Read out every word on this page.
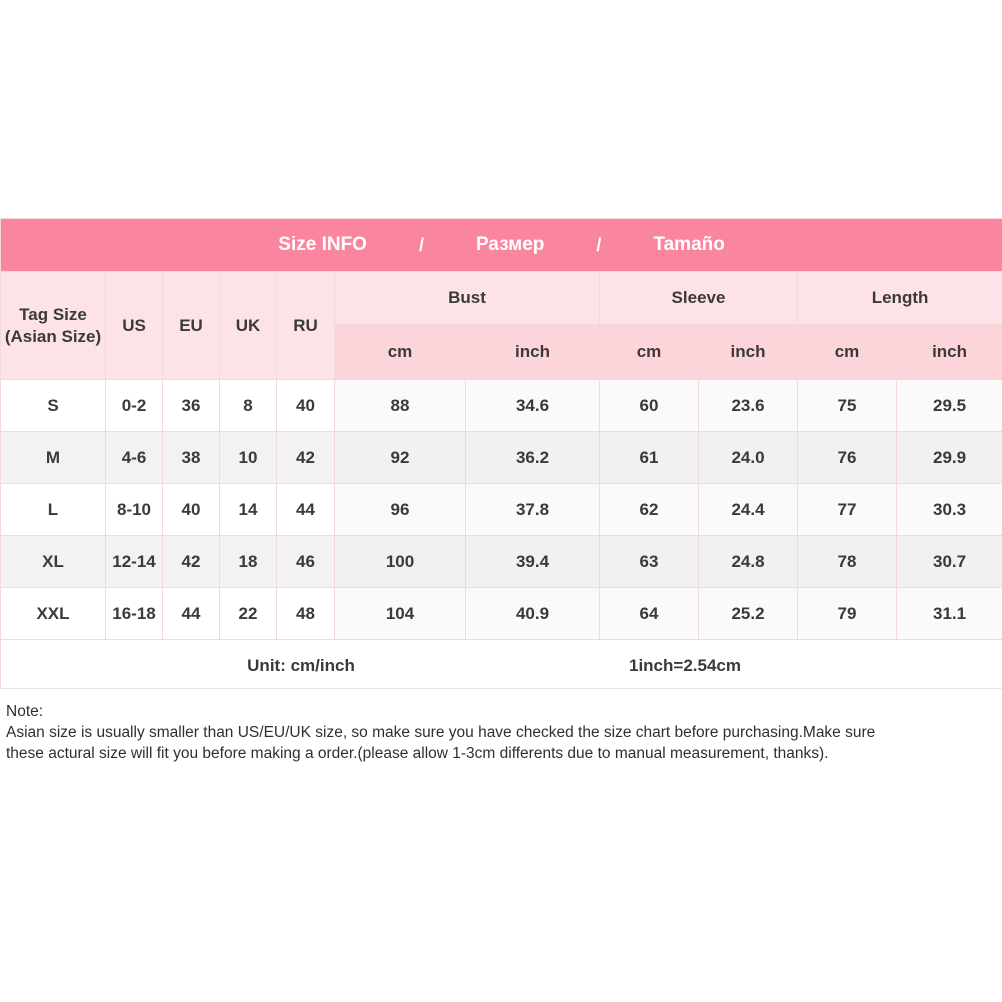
Size INFO / Размер / Tamaño										

Tag Size
(Asian Size)	US	EU	UK	RU	Bust		Sleeve		Length	
					cm	inch	cm	inch	cm	inch
S	0-2	36	8	40	88	34.6	60	23.6	75	29.5
M	4-6	38	10	42	92	36.2	61	24.0	76	29.9
L	8-10	40	14	44	96	37.8	62	24.4	77	30.3
XL	12-14	42	18	46	100	39.4	63	24.8	78	30.7
XXL	16-18	44	22	48	104	40.9	64	25.2	79	31.1

Unit: cm/inch 1inch=2.54cm										
Note:
Asian size is usually smaller than US/EU/UK size, so make sure you have checked the size chart before purchasing.Make sure
these actural size will fit you before making a order.(please allow 1-3cm differents due to manual measurement, thanks).
